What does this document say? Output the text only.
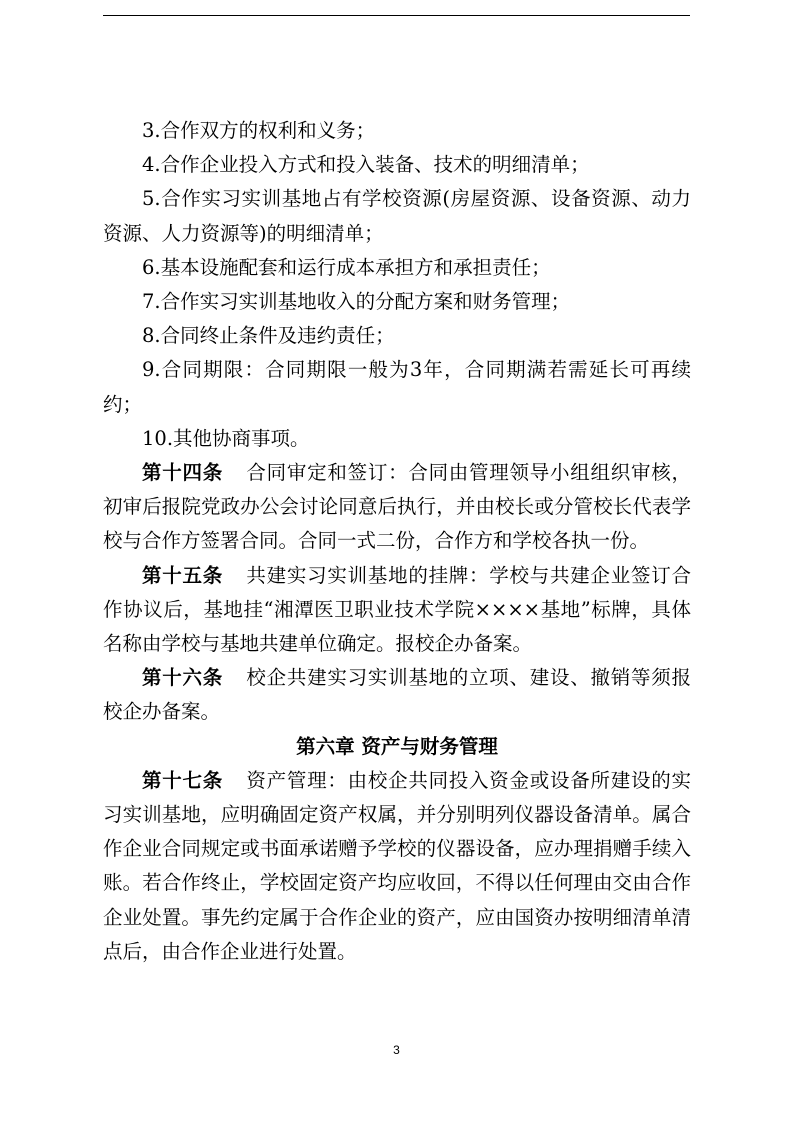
3.合作双方的权利和义务；

4.合作企业投入方式和投入装备、技术的明细清单；

5.合作实习实训基地占有学校资源(房屋资源、设备资源、动力资源、人力资源等)的明细清单；

6.基本设施配套和运行成本承担方和承担责任；

7.合作实习实训基地收入的分配方案和财务管理；

8.合同终止条件及违约责任；

9.合同期限：合同期限一般为3年，合同期满若需延长可再续约；

10.其他协商事项。

第十四条 合同审定和签订：合同由管理领导小组组织审核，初审后报院党政办公会讨论同意后执行，并由校长或分管校长代表学校与合作方签署合同。合同一式二份，合作方和学校各执一份。

第十五条 共建实习实训基地的挂牌：学校与共建企业签订合作协议后，基地挂“湘潭医卫职业技术学院××××基地”标牌，具体名称由学校与基地共建单位确定。报校企办备案。

第十六条 校企共建实习实训基地的立项、建设、撤销等须报校企办备案。

第六章 资产与财务管理

第十七条 资产管理：由校企共同投入资金或设备所建设的实习实训基地，应明确固定资产权属，并分别明列仪器设备清单。属合作企业合同规定或书面承诺赠予学校的仪器设备，应办理捐赠手续入账。若合作终止，学校固定资产均应收回，不得以任何理由交由合作企业处置。事先约定属于合作企业的资产，应由国资办按明细清单清点后，由合作企业进行处置。

3
